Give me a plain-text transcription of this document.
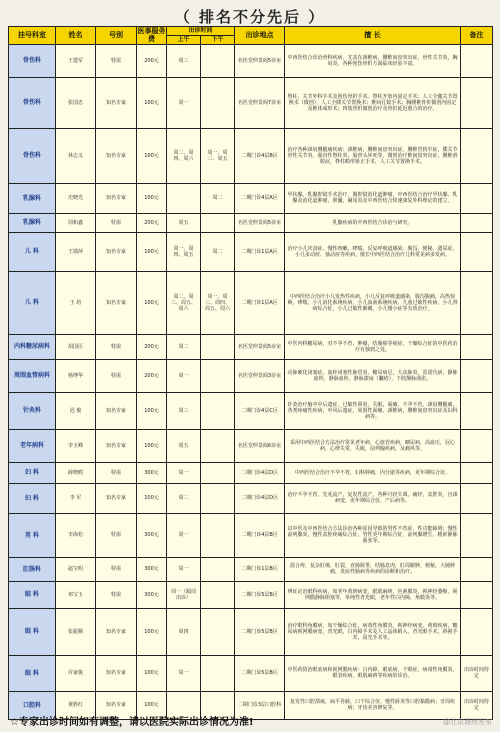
（ 排名不分先后 ）
挂号科室	姓名	号别	医事服务费	出诊时间		出诊地点	擅 长	备注
				上午	下午			
骨伤科	王建军	特需	200元	周三		名医堂仲景阁5诊室	中西医结合诊治骨科疾病，尤其在颈椎病，腰椎间盘突出症，骨性关节炎，胸肩炎，各种创伤骨折方面临床经验丰富。	
骨伤科	张国忠	知名专家	100元	周一		名医堂仲景阁7诊室	脊柱、关节外科手术及创伤骨折手术。脊柱开放内固定手术；人工全髋关节置换术（微创），人工全膝关节置换术；椎间孔镜手术；胸腰椎骨折微创内固定及椎体成形术；四肢骨折微创治疗及骨折延迟愈合的治疗。	
骨伤科	林志义	知名专家	100元	周二、周四、周六	周一、周三、周五	二期门诊4层B区	治疗各种颈肩腰腿痛疾病：颈椎病，腰椎间盘突出症，腰椎管狭窄症，膝关节骨性关节炎，强直性脊柱炎，股骨头坏死等。微创治疗椎间盘突出症，腰椎滑脱症，脊柱畸形矫正手术，人工关节置换手术。	
乳腺科	史晓光	知名专家	100元		周二	二期门诊4层A区	甲状腺、乳腺腔镜手术治疗，腹腔镜消化道肿瘤，中西医结合治疗甲状腺、乳腺及消化道肿瘤，胆囊、阑尾炎及中西医结合快速康复外科理论的建立。	
乳腺科	周和鑫	特需	200元	周五		名医堂仲景阁5诊室	乳腺疾病的中西医结合诊治与研究。	
儿 科	王瑞萍	知名专家	100元	周一、周四、周五	周二	二期门诊1层A区	治疗小儿厌食症、慢性咳嗽、哮喘、反复呼吸道感染、腹泻、便秘、遗尿症、小儿多动症、抽动症等疾病。擅长中西医结合治疗儿科常见病多发病。	
儿 科	王 培	知名专家	100元	周二、周三、周五、周六	周一、周三、周四、周五、周六	二期门诊1层A区	中西医结合治疗小儿发热性疾病，小儿反复呼吸道感染，腹泻腹痛，高热惊厥，哮喘，小儿消化系统疾病，小儿血液系统疾病，儿童过敏性疾病，小儿肾病综合征，小儿过敏性紫癜，小儿矮小症等有效治疗。	
内科糖尿病科	胡国臣	特需	200元	周二		名医堂仲景阁5诊室	中医内科糖尿病，对不孕不育，肿瘤，结肠癌等癌症，干燥综合征的中医药治疗有独到之处。	
周围血管病科	杨博华	特需	200元	周一		名医堂仲景阁3诊室	动脉硬化闭塞症，血栓闭塞性脉管炎，糖尿病足，大动脉炎，雷诺氏病，静脉血栓，静脉血栓，静脉溃疡（臁疮），下肢静脉曲张。	
针灸科	迟 俊	知名专家	100元	周三		二期门诊4层C区	针灸治疗脑卒中后遗症，过敏性鼻炎，失眠，面瘫，不孕不育，颈肩腰腿痛，各类疼痛性疾病，中风后遗症，周围性面瘫，颈椎病，腰椎间盘突出症及妇科病等。	
老年病科	李玉峰	知名专家	100元	周五		名医堂仲景阁6诊室	采用中西医结合方法治疗常见老年病，心血管疾病，糖尿病，高血压，冠心病，心律失常，失眠，前列腺疾病，及痛风等。	
妇 科	薛晓鸥	特需	300元	周一		二期门诊4层D区	中西医结合治疗不孕不育，妇科肿瘤，内分泌等疾病，更年期综合征。	
妇 科	李 军	知名专家	100元	周二		二期门诊4层D区	治疗不孕不育，先兆流产，复发性流产，各种月经失调，痛经，盆腔炎，宫颈病变，更年期综合征，产后病等。	
男 科	李海松	特需	300元	周一		二期门诊4层B区	以中医及中西医结合方法诊治各种原因导致的男性不育症，性功能障碍；慢性前列腺炎，慢性盆腔疼痛综合征，男性更年期综合征，前列腺增生，精索静脉曲张等。	
肛肠科	赵宝明	特需	300元	周一		二期门诊1层B区	混合痔，复杂肛瘘，肛裂，直肠脱垂，结肠息肉，肛周脓肿，便秘，大肠肿瘤，炎症性肠病等疾病的诊断和治疗。	
眼 科	祁宝玉	特需	300元	周一（隔周出诊）		二期门诊5层B区	辨证论治眼科疾病，如老年黄斑病变，眼肌麻痹，色素膜炎，视神经萎缩，视网膜静脉阻塞等，单纯性青光眼，老年性白内障，角膜炎等。	
眼 科	张振顺	知名专家	100元	周四		二期门诊5层B区	治疗眼科角膜病，如干燥综合征，病毒性角膜炎，视神经病变，黄斑疾病，糖尿病视网膜病变，青光眼，白内障手术及人工晶体植入，青光眼手术，斜视手术，屈光手术等。	
眼 科	许家俊	知名专家	100元	周一		二期门诊5层B区	中医药防治眼底病和视网膜疾病：白内障，眼底病，干眼症，病毒性角膜炎，眼表疾病，眼肌麻痹等疾病的诊治。	出诊时间待定
口腔科	黄胜红	知名专家	100元			二期门诊3层口腔科	复发性口腔溃疡，扁平苔藓，口干综合征，慢性唇炎等口腔黏膜病；牙周疾病；牙齿美容修复等。	出诊时间待定
☆专家出诊时间如有调整，请以医院实际出诊情况为准!	@北京通州发布
